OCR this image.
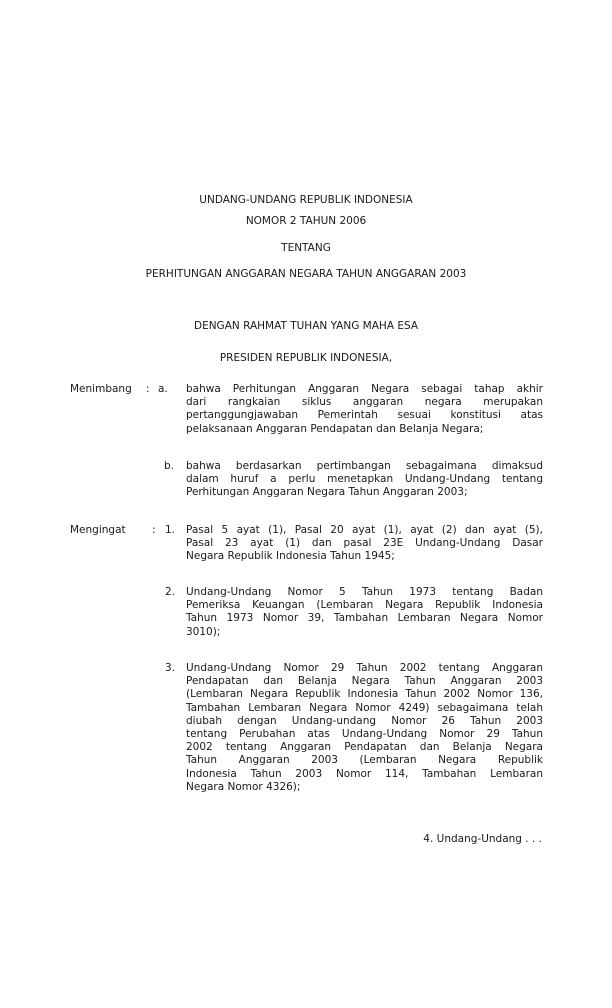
UNDANG-UNDANG REPUBLIK INDONESIA
NOMOR 2 TAHUN 2006
TENTANG
PERHITUNGAN ANGGARAN NEGARA TAHUN ANGGARAN 2003
DENGAN RAHMAT TUHAN YANG MAHA ESA
PRESIDEN REPUBLIK INDONESIA,
Menimbang : a. bahwa Perhitungan Anggaran Negara sebagai tahap akhir
dari rangkaian siklus anggaran negara merupakan
pertanggungjawaban Pemerintah sesuai konstitusi atas
pelaksanaan Anggaran Pendapatan dan Belanja Negara;
b. bahwa berdasarkan pertimbangan sebagaimana dimaksud
dalam huruf a perlu menetapkan Undang-Undang tentang
Perhitungan Anggaran Negara Tahun Anggaran 2003;
Mengingat	: 1. Pasal 5 ayat (1), Pasal 20 ayat (1), ayat (2) dan ayat (5),
Pasal 23 ayat (1) dan pasal 23E Undang-Undang Dasar
Negara Republik Indonesia Tahun 1945;
2. Undang-Undang Nomor 5 Tahun 1973 tentang Badan
Pemeriksa Keuangan (Lembaran Negara Republik Indonesia
Tahun 1973 Nomor 39, Tambahan Lembaran Negara Nomor
3010);
3. Undang-Undang Nomor 29 Tahun 2002 tentang Anggaran
Pendapatan dan Belanja Negara Tahun Anggaran 2003
(Lembaran Negara Republik Indonesia Tahun 2002 Nomor 136,
Tambahan Lembaran Negara Nomor 4249) sebagaimana telah
diubah dengan Undang-undang Nomor 26 Tahun 2003
tentang Perubahan atas Undang-Undang Nomor 29 Tahun
2002 tentang Anggaran Pendapatan dan Belanja Negara
Tahun Anggaran 2003 (Lembaran Negara Republik
Indonesia Tahun 2003 Nomor 114, Tambahan Lembaran
Negara Nomor 4326);
4. Undang-Undang . . .
